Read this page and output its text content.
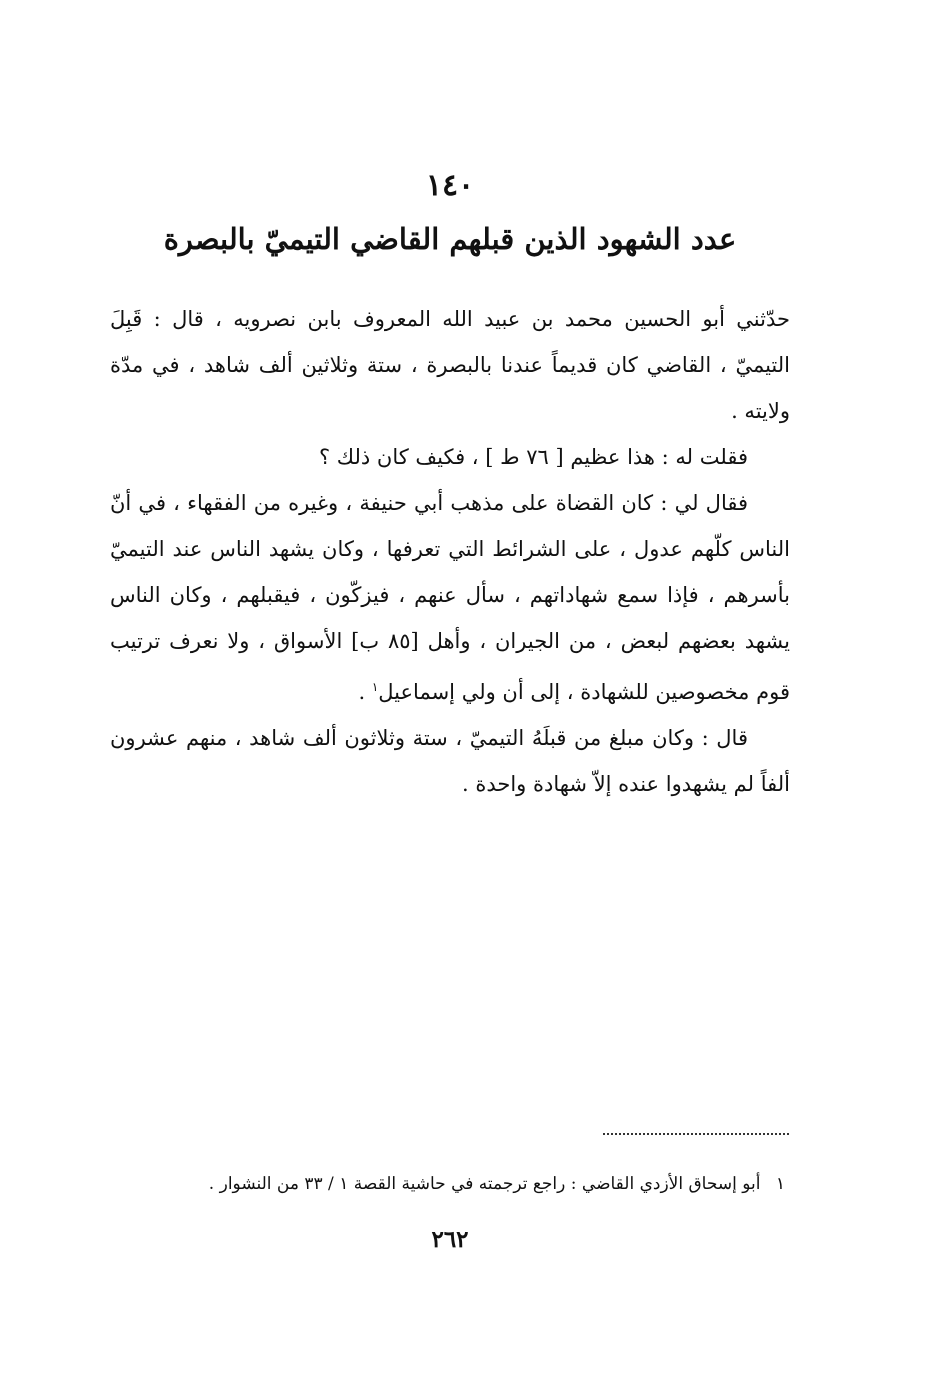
١٤٠
عدد الشهود الذين قبلهم القاضي التيميّ بالبصرة

حدّثني أبو الحسين محمد بن عبيد الله المعروف بابن نصرويه ، قال : قَبِلَ التيميّ ، القاضي كان قديماً عندنا بالبصرة ، ستة وثلاثين ألف شاهد ، في مدّة ولايته .

فقلت له : هذا عظيم [ ٧٦ ط ] ، فكيف كان ذلك ؟

فقال لي : كان القضاة على مذهب أبي حنيفة ، وغيره من الفقهاء ، في أنّ الناس كلّهم عدول ، على الشرائط التي تعرفها ، وكان يشهد الناس عند التيميّ بأسرهم ، فإذا سمع شهاداتهم ، سأل عنهم ، فيزكّون ، فيقبلهم ، وكان الناس يشهد بعضهم لبعض ، من الجيران ، وأهل [٨٥ ب] الأسواق ، ولا نعرف ترتيب قوم مخصوصين للشهادة ، إلى أن ولي إسماعيل$^١$ .

قال : وكان مبلغ من قبلَهُ التيميّ ، ستة وثلاثون ألف شاهد ، منهم عشرون ألفاً لم يشهدوا عنده إلاّ شهادة واحدة .

١ أبو إسحاق الأزدي القاضي : راجع ترجمته في حاشية القصة ١ / ٣٣ من النشوار .
٢٦٢
